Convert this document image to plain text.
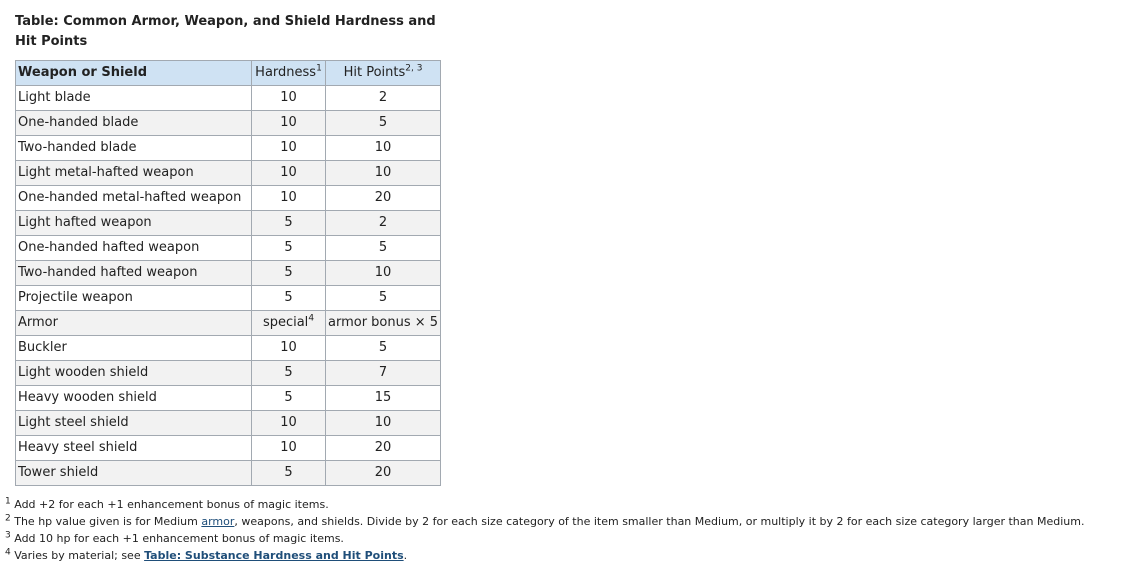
Table: Common Armor, Weapon, and Shield Hardness and Hit Points
Weapon or Shield	Hardness$^1$	Hit Points$^{2, 3}$
Light blade	10	2
One-handed blade	10	5
Two-handed blade	10	10
Light metal-hafted weapon	10	10
One-handed metal-hafted weapon	10	20
Light hafted weapon	5	2
One-handed hafted weapon	5	5
Two-handed hafted weapon	5	10
Projectile weapon	5	5
Armor	special$^4$	armor bonus × 5
Buckler	10	5
Light wooden shield	5	7
Heavy wooden shield	5	15
Light steel shield	10	10
Heavy steel shield	10	20
Tower shield	5	20
$^1$ Add +2 for each +1 enhancement bonus of magic items.
$^2$ The hp value given is for Medium armor, weapons, and shields. Divide by 2 for each size category of the item smaller than Medium, or multiply it by 2 for each size category larger than Medium.
$^3$ Add 10 hp for each +1 enhancement bonus of magic items.
$^4$ Varies by material; see Table: Substance Hardness and Hit Points.
